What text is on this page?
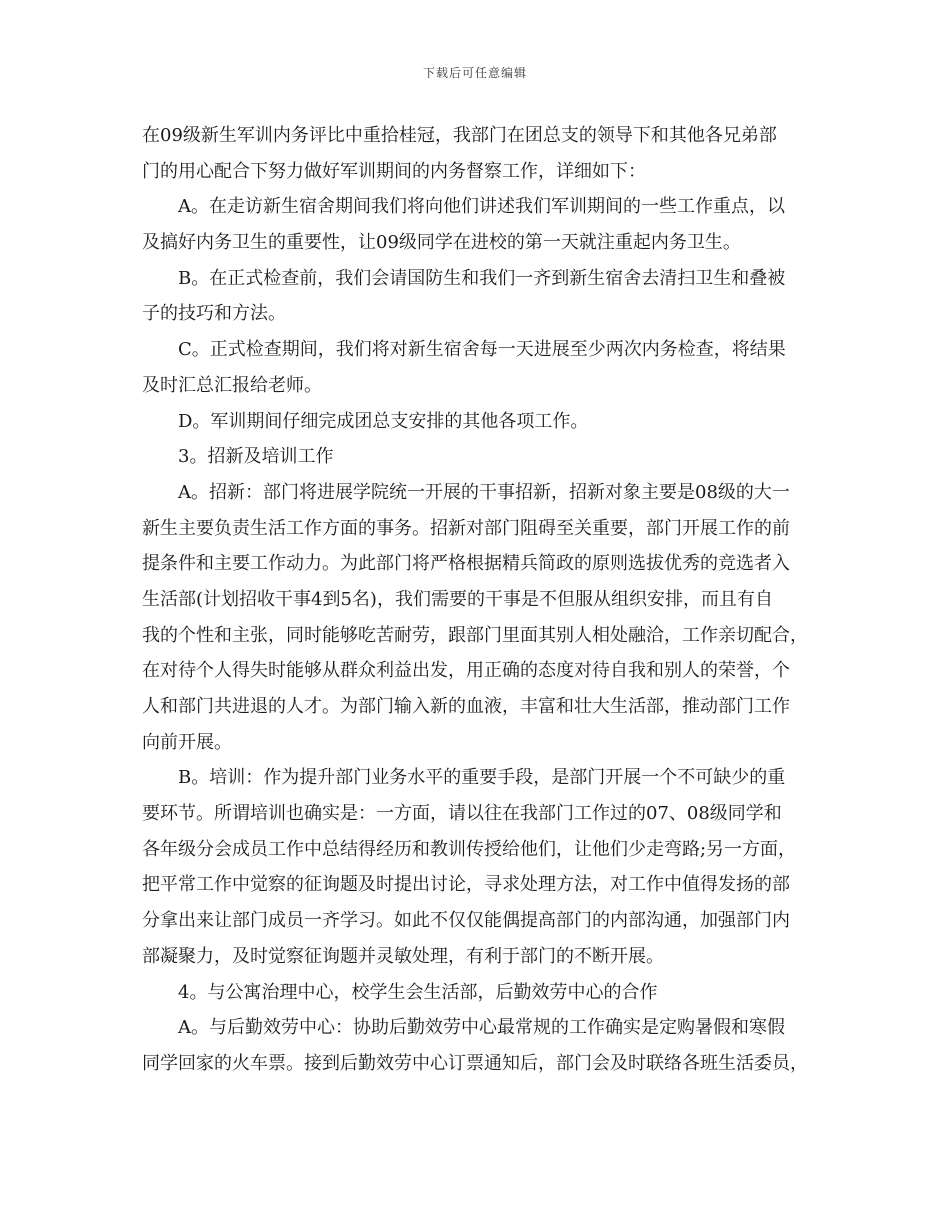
下载后可任意编辑
在09级新生军训内务评比中重拾桂冠，我部门在团总支的领导下和其他各兄弟部
门的用心配合下努力做好军训期间的内务督察工作，详细如下：
A。在走访新生宿舍期间我们将向他们讲述我们军训期间的一些工作重点，以
及搞好内务卫生的重要性，让09级同学在进校的第一天就注重起内务卫生。
B。在正式检查前，我们会请国防生和我们一齐到新生宿舍去清扫卫生和叠被
子的技巧和方法。
C。正式检查期间，我们将对新生宿舍每一天进展至少两次内务检查，将结果
及时汇总汇报给老师。
D。军训期间仔细完成团总支安排的其他各项工作。
3。招新及培训工作
A。招新：部门将进展学院统一开展的干事招新，招新对象主要是08级的大一
新生主要负责生活工作方面的事务。招新对部门阻碍至关重要，部门开展工作的前
提条件和主要工作动力。为此部门将严格根据精兵简政的原则选拔优秀的竞选者入
生活部(计划招收干事4到5名)，我们需要的干事是不但服从组织安排，而且有自
我的个性和主张，同时能够吃苦耐劳，跟部门里面其别人相处融洽，工作亲切配合，
在对待个人得失时能够从群众利益出发，用正确的态度对待自我和别人的荣誉，个
人和部门共进退的人才。为部门输入新的血液，丰富和壮大生活部，推动部门工作
向前开展。
B。培训：作为提升部门业务水平的重要手段，是部门开展一个不可缺少的重
要环节。所谓培训也确实是：一方面，请以往在我部门工作过的07、08级同学和
各年级分会成员工作中总结得经历和教训传授给他们，让他们少走弯路;另一方面，
把平常工作中觉察的征询题及时提出讨论，寻求处理方法，对工作中值得发扬的部
分拿出来让部门成员一齐学习。如此不仅仅能偶提高部门的内部沟通，加强部门内
部凝聚力，及时觉察征询题并灵敏处理，有利于部门的不断开展。
4。与公寓治理中心，校学生会生活部，后勤效劳中心的合作
A。与后勤效劳中心：协助后勤效劳中心最常规的工作确实是定购暑假和寒假
同学回家的火车票。接到后勤效劳中心订票通知后，部门会及时联络各班生活委员，
